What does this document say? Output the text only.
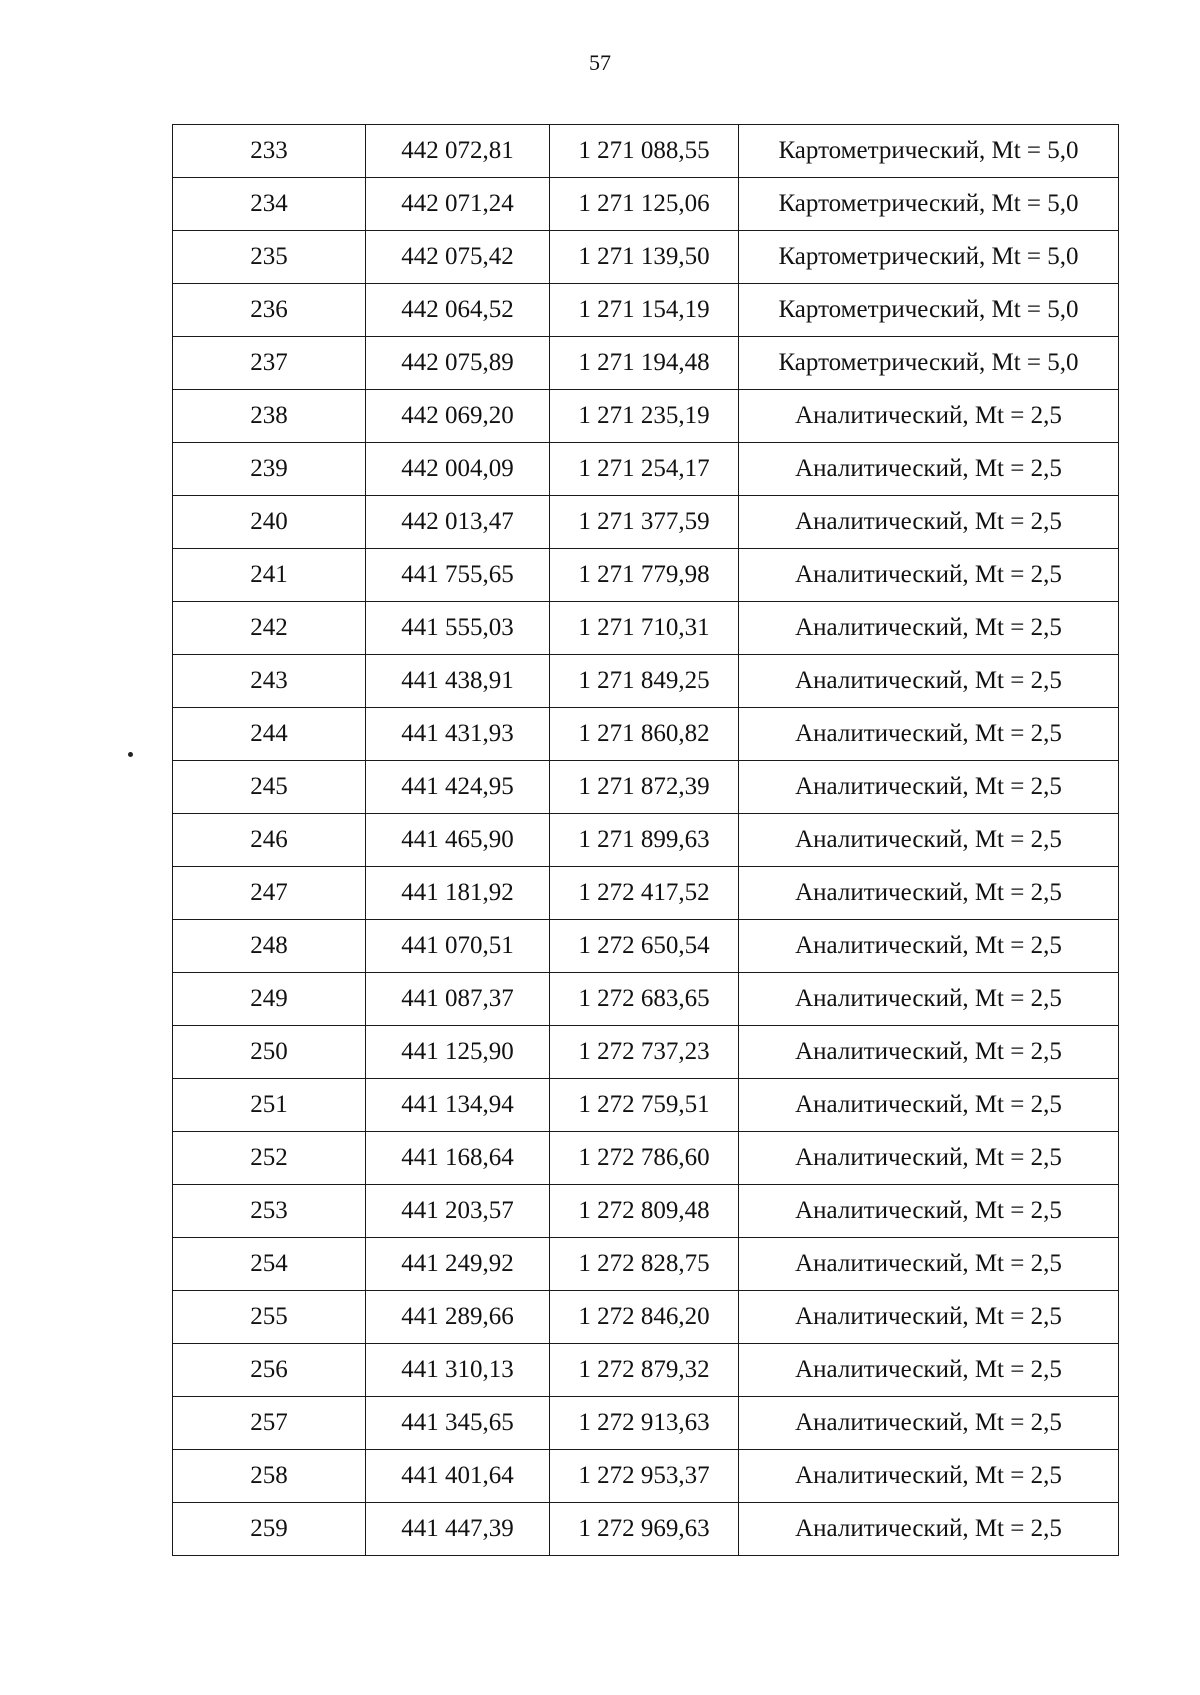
57
233	442 072,81	1 271 088,55	Картометрический, Mt = 5,0
234	442 071,24	1 271 125,06	Картометрический, Mt = 5,0
235	442 075,42	1 271 139,50	Картометрический, Mt = 5,0
236	442 064,52	1 271 154,19	Картометрический, Mt = 5,0
237	442 075,89	1 271 194,48	Картометрический, Mt = 5,0
238	442 069,20	1 271 235,19	Аналитический, Mt = 2,5
239	442 004,09	1 271 254,17	Аналитический, Mt = 2,5
240	442 013,47	1 271 377,59	Аналитический, Mt = 2,5
241	441 755,65	1 271 779,98	Аналитический, Mt = 2,5
242	441 555,03	1 271 710,31	Аналитический, Mt = 2,5
243	441 438,91	1 271 849,25	Аналитический, Mt = 2,5
244	441 431,93	1 271 860,82	Аналитический, Mt = 2,5
245	441 424,95	1 271 872,39	Аналитический, Mt = 2,5
246	441 465,90	1 271 899,63	Аналитический, Mt = 2,5
247	441 181,92	1 272 417,52	Аналитический, Mt = 2,5
248	441 070,51	1 272 650,54	Аналитический, Mt = 2,5
249	441 087,37	1 272 683,65	Аналитический, Mt = 2,5
250	441 125,90	1 272 737,23	Аналитический, Mt = 2,5
251	441 134,94	1 272 759,51	Аналитический, Mt = 2,5
252	441 168,64	1 272 786,60	Аналитический, Mt = 2,5
253	441 203,57	1 272 809,48	Аналитический, Mt = 2,5
254	441 249,92	1 272 828,75	Аналитический, Mt = 2,5
255	441 289,66	1 272 846,20	Аналитический, Mt = 2,5
256	441 310,13	1 272 879,32	Аналитический, Mt = 2,5
257	441 345,65	1 272 913,63	Аналитический, Mt = 2,5
258	441 401,64	1 272 953,37	Аналитический, Mt = 2,5
259	441 447,39	1 272 969,63	Аналитический, Mt = 2,5
